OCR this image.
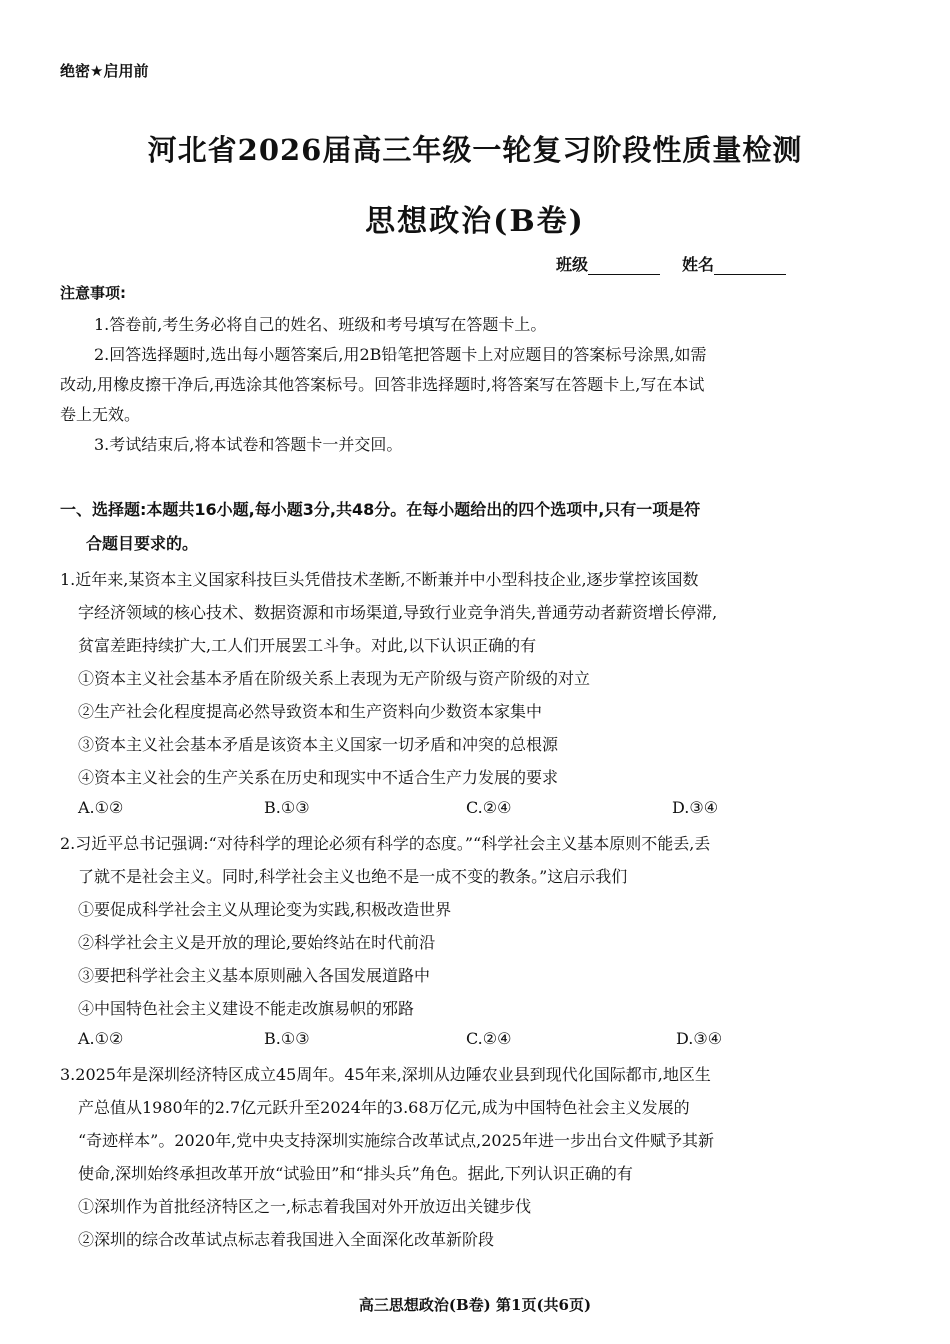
绝密★启用前
河北省2026届高三年级一轮复习阶段性质量检测
思想政治(B卷)
班级	姓名
注意事项:
1.答卷前,考生务必将自己的姓名、班级和考号填写在答题卡上。
2.回答选择题时,选出每小题答案后,用2B铅笔把答题卡上对应题目的答案标号涂黑,如需
改动,用橡皮擦干净后,再选涂其他答案标号。回答非选择题时,将答案写在答题卡上,写在本试
卷上无效。
3.考试结束后,将本试卷和答题卡一并交回。
一、选择题:本题共16小题,每小题3分,共48分。在每小题给出的四个选项中,只有一项是符
合题目要求的。
1.近年来,某资本主义国家科技巨头凭借技术垄断,不断兼并中小型科技企业,逐步掌控该国数
字经济领域的核心技术、数据资源和市场渠道,导致行业竞争消失,普通劳动者薪资增长停滞,
贫富差距持续扩大,工人们开展罢工斗争。对此,以下认识正确的有
①资本主义社会基本矛盾在阶级关系上表现为无产阶级与资产阶级的对立
②生产社会化程度提高必然导致资本和生产资料向少数资本家集中
③资本主义社会基本矛盾是该资本主义国家一切矛盾和冲突的总根源
④资本主义社会的生产关系在历史和现实中不适合生产力发展的要求
A.①②	B.①③	C.②④	D.③④
2.习近平总书记强调:“对待科学的理论必须有科学的态度。”“科学社会主义基本原则不能丢,丢
了就不是社会主义。同时,科学社会主义也绝不是一成不变的教条。”这启示我们
①要促成科学社会主义从理论变为实践,积极改造世界
②科学社会主义是开放的理论,要始终站在时代前沿
③要把科学社会主义基本原则融入各国发展道路中
④中国特色社会主义建设不能走改旗易帜的邪路
A.①②	B.①③	C.②④	D.③④
3.2025年是深圳经济特区成立45周年。45年来,深圳从边陲农业县到现代化国际都市,地区生
产总值从1980年的2.7亿元跃升至2024年的3.68万亿元,成为中国特色社会主义发展的
“奇迹样本”。2020年,党中央支持深圳实施综合改革试点,2025年进一步出台文件赋予其新
使命,深圳始终承担改革开放“试验田”和“排头兵”角色。据此,下列认识正确的有
①深圳作为首批经济特区之一,标志着我国对外开放迈出关键步伐
②深圳的综合改革试点标志着我国进入全面深化改革新阶段
高三思想政治(B卷) 第1页(共6页)
